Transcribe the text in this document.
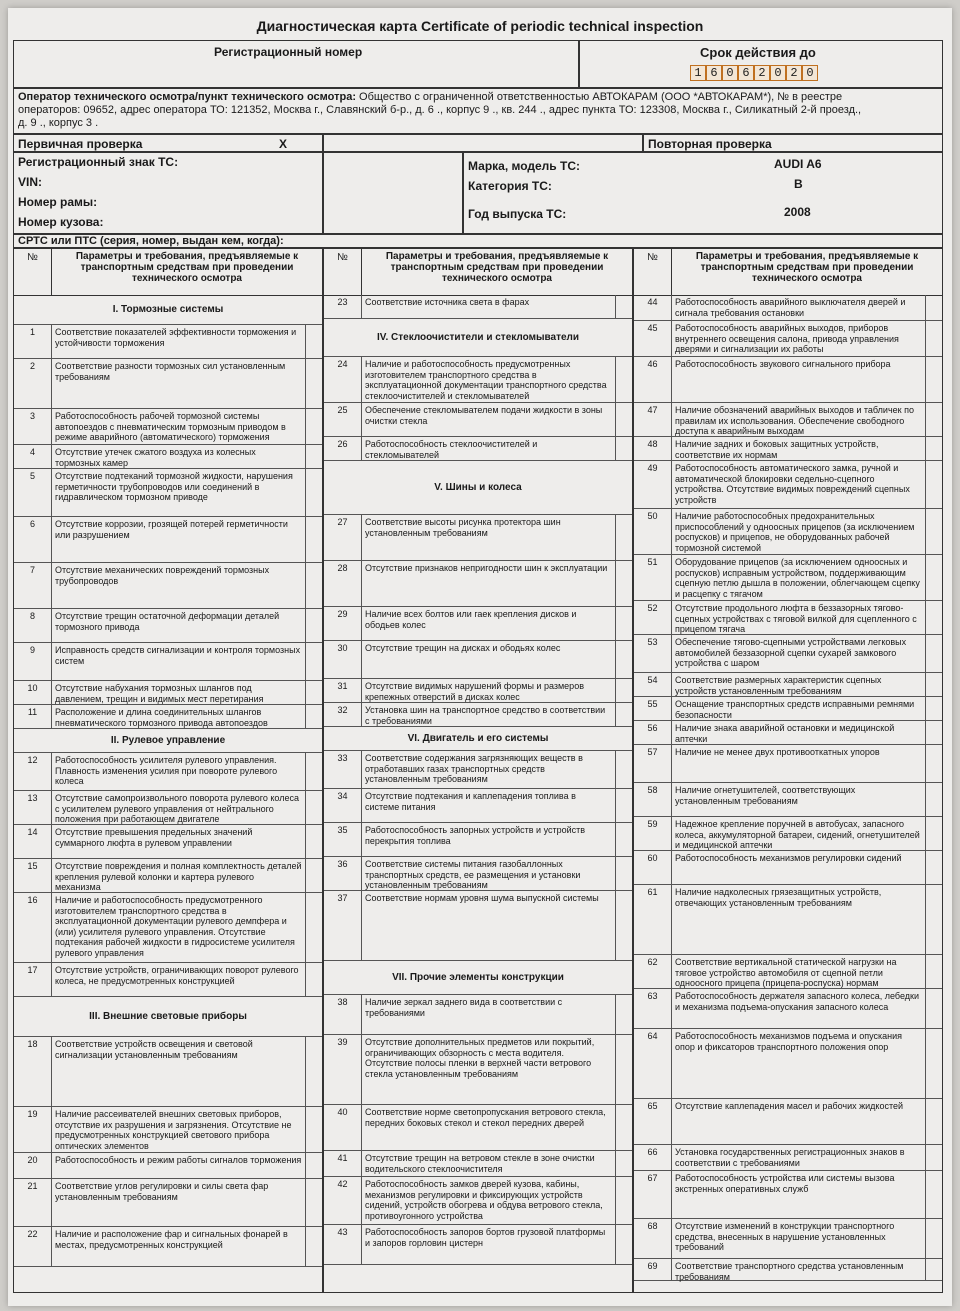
Диагностическая карта Certificate of periodic technical inspection
Регистрационный номер	Срок действия до
1 6 0 6 2 0 2 0
Оператор технического осмотра/пункт технического осмотра: Общество с ограниченной ответственностью АВТОКАРАМ (ООО *АВТОКАРАМ*), № в реестре
операторов: 09652, адрес оператора ТО: 121352, Москва г., Славянский б-р., д. 6 ., корпус 9 ., кв. 244 ., адрес пункта ТО: 123308, Москва г., Силикатный 2-й проезд.,
д. 9 ., корпус 3 .
Первичная проверка	X	Повторная проверка
Регистрационный знак ТС:
VIN:
Номер рамы:
Номер кузова:
Марка, модель ТС:	AUDI A6
Категория ТС:	B
Год выпуска ТС:	2008
СРТС или ПТС (серия, номер, выдан кем, когда):
№	Параметры и требования, предъявляемые к транспортным средствам при проведении технического осмотра
I. Тормозные системы
1	Соответствие показателей эффективности торможения и устойчивости торможения
2	Соответствие разности тормозных сил установленным требованиям
3	Работоспособность рабочей тормозной системы автопоездов с пневматическим тормозным приводом в режиме аварийного (автоматического) торможения
4	Отсутствие утечек сжатого воздуха из колесных тормозных камер
5	Отсутствие подтеканий тормозной жидкости, нарушения герметичности трубопроводов или соединений в гидравлическом тормозном приводе
6	Отсутствие коррозии, грозящей потерей герметичности или разрушением
7	Отсутствие механических повреждений тормозных трубопроводов
8	Отсутствие трещин остаточной деформации деталей тормозного привода
9	Исправность средств сигнализации и контроля тормозных систем
10	Отсутствие набухания тормозных шлангов под давлением, трещин и видимых мест перетирания
11	Расположение и длина соединительных шлангов пневматического тормозного привода автопоездов
II. Рулевое управление
12	Работоспособность усилителя рулевого управления. Плавность изменения усилия при повороте рулевого колеса
13	Отсутствие самопроизвольного поворота рулевого колеса с усилителем рулевого управления от нейтрального положения при работающем двигателе
14	Отсутствие превышения предельных значений суммарного люфта в рулевом управлении
15	Отсутствие повреждения и полная комплектность деталей крепления рулевой колонки и картера рулевого механизма
16	Наличие и работоспособность предусмотренного изготовителем транспортного средства в эксплуатационной документации рулевого демпфера и (или) усилителя рулевого управления. Отсутствие подтекания рабочей жидкости в гидросистеме усилителя рулевого управления
17	Отсутствие устройств, ограничивающих поворот рулевого колеса, не предусмотренных конструкцией
III. Внешние световые приборы
18	Соответствие устройств освещения и световой сигнализации установленным требованиям
19	Наличие рассеивателей внешних световых приборов, отсутствие их разрушения и загрязнения. Отсутствие не предусмотренных конструкцией светового прибора оптических элементов
20	Работоспособность и режим работы сигналов торможения
21	Соответствие углов регулировки и силы света фар установленным требованиям
22	Наличие и расположение фар и сигнальных фонарей в местах, предусмотренных конструкцией
№	Параметры и требования, предъявляемые к транспортным средствам при проведении технического осмотра
23	Соответствие источника света в фарах
IV. Стеклоочистители и стекломыватели
24	Наличие и работоспособность предусмотренных изготовителем транспортного средства в эксплуатационной документации транспортного средства стеклоочистителей и стекломывателей
25	Обеспечение стекломывателем подачи жидкости в зоны очистки стекла
26	Работоспособность стеклоочистителей и стекломывателей
V. Шины и колеса
27	Соответствие высоты рисунка протектора шин установленным требованиям
28	Отсутствие признаков непригодности шин к эксплуатации
29	Наличие всех болтов или гаек крепления дисков и ободьев колес
30	Отсутствие трещин на дисках и ободьях колес
31	Отсутствие видимых нарушений формы и размеров крепежных отверстий в дисках колес
32	Установка шин на транспортное средство в соответствии с требованиями
VI. Двигатель и его системы
33	Соответствие содержания загрязняющих веществ в отработавших газах транспортных средств установленным требованиям
34	Отсутствие подтекания и каплепадения топлива в системе питания
35	Работоспособность запорных устройств и устройств перекрытия топлива
36	Соответствие системы питания газобаллонных транспортных средств, ее размещения и установки установленным требованиям
37	Соответствие нормам уровня шума выпускной системы
VII. Прочие элементы конструкции
38	Наличие зеркал заднего вида в соответствии с требованиями
39	Отсутствие дополнительных предметов или покрытий, ограничивающих обзорность с места водителя. Отсутствие полосы пленки в верхней части ветрового стекла установленным требованиям
40	Соответствие норме светопропускания ветрового стекла, передних боковых стекол и стекол передних дверей
41	Отсутствие трещин на ветровом стекле в зоне очистки водительского стеклоочистителя
42	Работоспособность замков дверей кузова, кабины, механизмов регулировки и фиксирующих устройств сидений, устройств обогрева и обдува ветрового стекла, противоугонного устройства
43	Работоспособность запоров бортов грузовой платформы и запоров горловин цистерн
№	Параметры и требования, предъявляемые к транспортным средствам при проведении технического осмотра
44	Работоспособность аварийного выключателя дверей и сигнала требования остановки
45	Работоспособность аварийных выходов, приборов внутреннего освещения салона, привода управления дверями и сигнализации их работы
46	Работоспособность звукового сигнального прибора
47	Наличие обозначений аварийных выходов и табличек по правилам их использования. Обеспечение свободного доступа к аварийным выходам
48	Наличие задних и боковых защитных устройств, соответствие их нормам
49	Работоспособность автоматического замка, ручной и автоматической блокировки седельно-сцепного устройства. Отсутствие видимых повреждений сцепных устройств
50	Наличие работоспособных предохранительных приспособлений у одноосных прицепов (за исключением роспусков) и прицепов, не оборудованных рабочей тормозной системой
51	Оборудование прицепов (за исключением одноосных и роспусков) исправным устройством, поддерживающим сцепную петлю дышла в положении, облегчающем сцепку и расцепку с тягачом
52	Отсутствие продольного люфта в беззазорных тягово-сцепных устройствах с тяговой вилкой для сцепленного с прицепом тягача
53	Обеспечение тягово-сцепными устройствами легковых автомобилей беззазорной сцепки сухарей замкового устройства с шаром
54	Соответствие размерных характеристик сцепных устройств установленным требованиям
55	Оснащение транспортных средств исправными ремнями безопасности
56	Наличие знака аварийной остановки и медицинской аптечки
57	Наличие не менее двух противооткатных упоров
58	Наличие огнетушителей, соответствующих установленным требованиям
59	Надежное крепление поручней в автобусах, запасного колеса, аккумуляторной батареи, сидений, огнетушителей и медицинской аптечки
60	Работоспособность механизмов регулировки сидений
61	Наличие надколесных грязезащитных устройств, отвечающих установленным требованиям
62	Соответствие вертикальной статической нагрузки на тяговое устройство автомобиля от сцепной петли одноосного прицепа (прицепа-роспуска) нормам
63	Работоспособность держателя запасного колеса, лебедки и механизма подъема-опускания запасного колеса
64	Работоспособность механизмов подъема и опускания опор и фиксаторов транспортного положения опор
65	Отсутствие каплепадения масел и рабочих жидкостей
66	Установка государственных регистрационных знаков в соответствии с требованиями
67	Работоспособность устройства или системы вызова экстренных оперативных служб
68	Отсутствие изменений в конструкции транспортного средства, внесенных в нарушение установленных требований
69	Соответствие транспортного средства установленным требованиям
